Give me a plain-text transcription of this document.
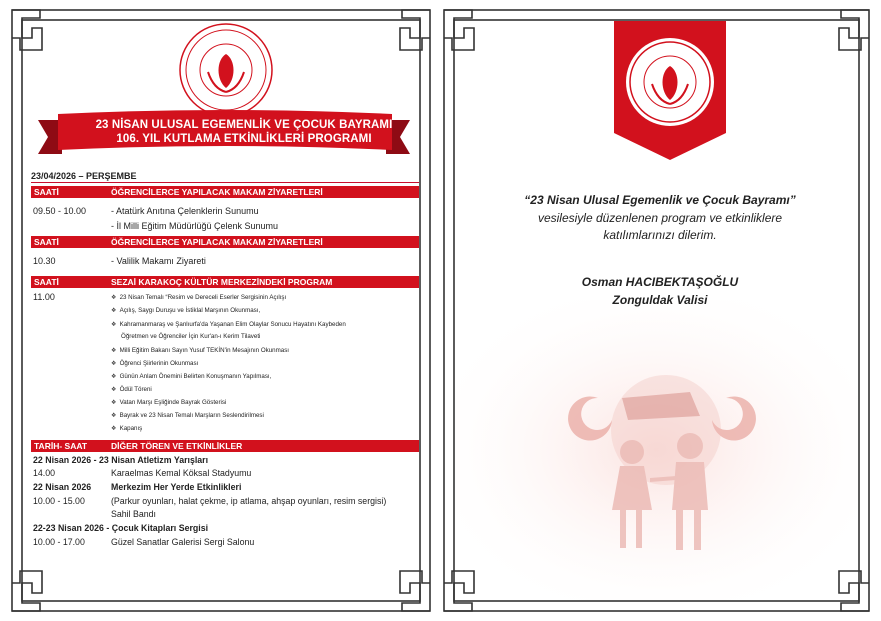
23 NİSAN ULUSAL EGEMENLİK VE ÇOCUK BAYRAMI
106. YIL KUTLAMA ETKİNLİKLERİ PROGRAMI
23/04/2026 – PERŞEMBE
SAATİ	ÖĞRENCİLERCE YAPILACAK MAKAM ZİYARETLERİ
09.50 - 10.00	- Atatürk Anıtına Çelenklerin Sunumu
- İl Milli Eğitim Müdürlüğü Çelenk Sunumu
SAATİ	ÖĞRENCİLERCE YAPILACAK MAKAM ZİYARETLERİ
10.30	- Valilik Makamı Ziyareti
SAATİ	SEZAİ KARAKOÇ KÜLTÜR MERKEZİNDEKİ PROGRAM
11.00	❖ 23 Nisan Temalı “Resim ve Dereceli Eserler Sergisinin Açılışı
❖ Açılış, Saygı Duruşu ve İstiklal Marşının Okunması,
❖ Kahramanmaraş ve Şanlıurfa'da Yaşanan Elim Olaylar Sonucu Hayatını Kaybeden
Öğretmen ve Öğrenciler İçin Kur'an-ı Kerim Tilaveti
❖ Milli Eğitim Bakanı Sayın Yusuf TEKİN'in Mesajının Okunması
❖ Öğrenci Şiirlerinin Okunması
❖ Günün Anlam Önemini Belirten Konuşmanın Yapılması,
❖ Ödül Töreni
❖ Vatan Marşı Eşliğinde Bayrak Gösterisi
❖ Bayrak ve 23 Nisan Temalı Marşların Seslendirilmesi
❖ Kapanış
TARİH- SAAT	DİĞER TÖREN VE ETKİNLİKLER
22 Nisan 2026 - 23 Nisan Atletizm Yarışları
14.00	Karaelmas Kemal Köksal Stadyumu
22 Nisan 2026 Merkezim Her Yerde Etkinlikleri
10.00 - 15.00	(Parkur oyunları, halat çekme, ip atlama, ahşap oyunları, resim sergisi)
Sahil Bandı
22-23 Nisan 2026 - Çocuk Kitapları Sergisi
10.00 - 17.00	Güzel Sanatlar Galerisi Sergi Salonu
“23 Nisan Ulusal Egemenlik ve Çocuk Bayramı”
vesilesiyle düzenlenen program ve etkinliklere
katılımlarınızı dilerim.
Osman HACIBEKTAŞOĞLU
Zonguldak Valisi
